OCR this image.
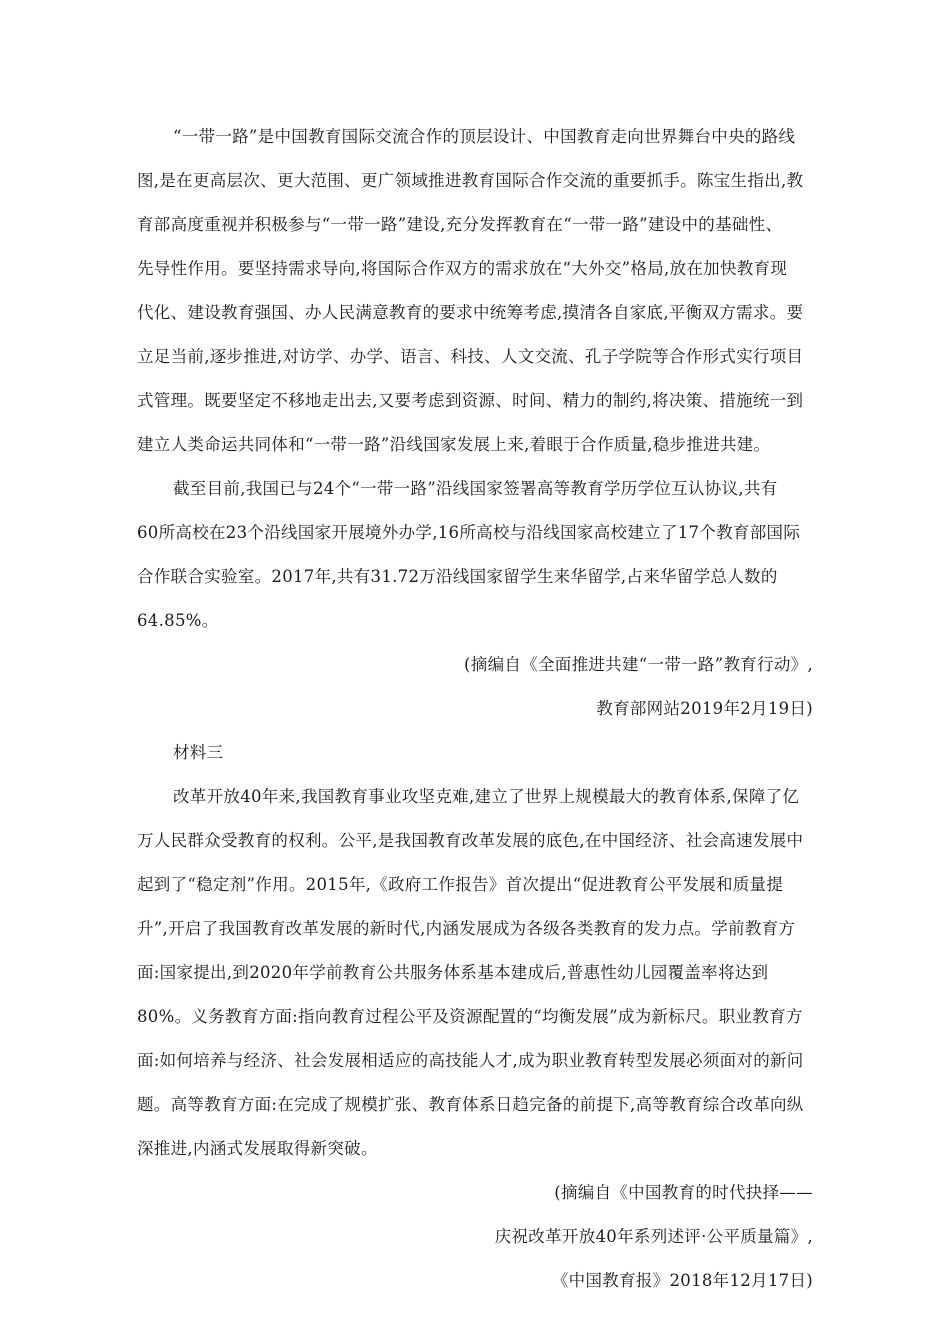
“一带一路”是中国教育国际交流合作的顶层设计、中国教育走向世界舞台中央的路线
图,是在更高层次、更大范围、更广领域推进教育国际合作交流的重要抓手。陈宝生指出,教
育部高度重视并积极参与“一带一路”建设,充分发挥教育在“一带一路”建设中的基础性、
先导性作用。要坚持需求导向,将国际合作双方的需求放在“大外交”格局,放在加快教育现
代化、建设教育强国、办人民满意教育的要求中统筹考虑,摸清各自家底,平衡双方需求。要
立足当前,逐步推进,对访学、办学、语言、科技、人文交流、孔子学院等合作形式实行项目
式管理。既要坚定不移地走出去,又要考虑到资源、时间、精力的制约,将决策、措施统一到
建立人类命运共同体和“一带一路”沿线国家发展上来,着眼于合作质量,稳步推进共建。
截至目前,我国已与24个“一带一路”沿线国家签署高等教育学历学位互认协议,共有
60所高校在23个沿线国家开展境外办学,16所高校与沿线国家高校建立了17个教育部国际
合作联合实验室。2017年,共有31.72万沿线国家留学生来华留学,占来华留学总人数的
64.85%。
(摘编自《全面推进共建“一带一路”教育行动》,
教育部网站2019年2月19日)
材料三
改革开放40年来,我国教育事业攻坚克难,建立了世界上规模最大的教育体系,保障了亿
万人民群众受教育的权利。公平,是我国教育改革发展的底色,在中国经济、社会高速发展中
起到了“稳定剂”作用。2015年,《政府工作报告》首次提出“促进教育公平发展和质量提
升”,开启了我国教育改革发展的新时代,内涵发展成为各级各类教育的发力点。学前教育方
面:国家提出,到2020年学前教育公共服务体系基本建成后,普惠性幼儿园覆盖率将达到
80%。义务教育方面:指向教育过程公平及资源配置的“均衡发展”成为新标尺。职业教育方
面:如何培养与经济、社会发展相适应的高技能人才,成为职业教育转型发展必须面对的新问
题。高等教育方面:在完成了规模扩张、教育体系日趋完备的前提下,高等教育综合改革向纵
深推进,内涵式发展取得新突破。
(摘编自《中国教育的时代抉择——
庆祝改革开放40年系列述评·公平质量篇》,
《中国教育报》2018年12月17日)
